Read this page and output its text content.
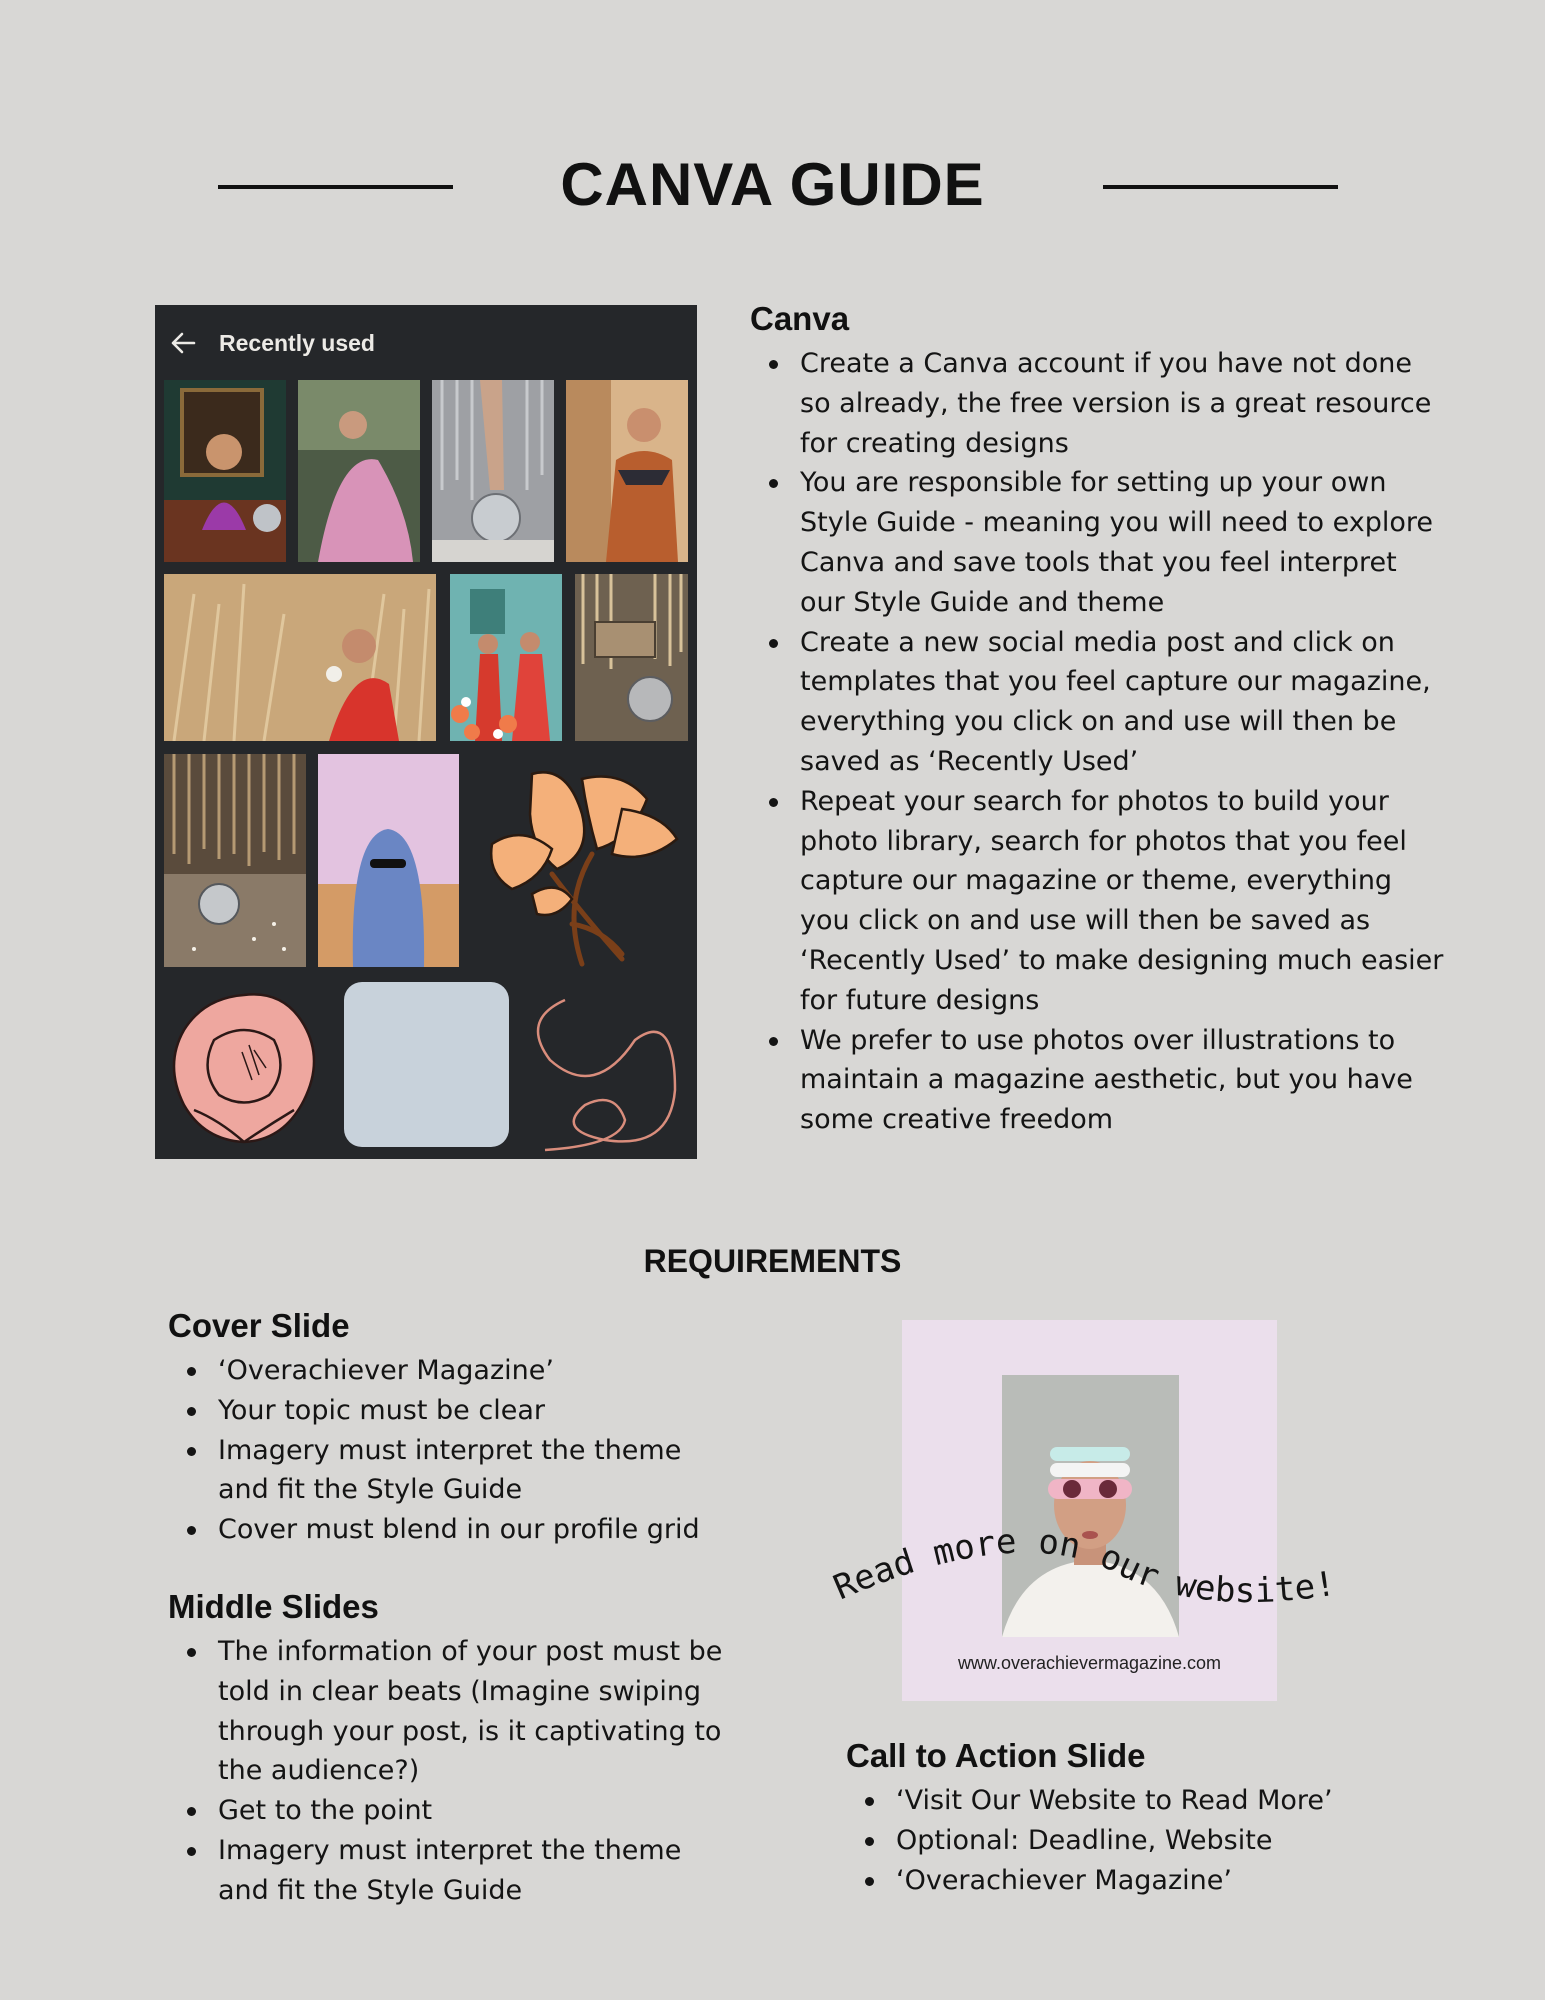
CANVA GUIDE
Recently used
Canva
Create a Canva account if you have not done so already, the free version is a great resource for creating designs
You are responsible for setting up your own Style Guide - meaning you will need to explore Canva and save tools that you feel interpret our Style Guide and theme
Create a new social media post and click on templates that you feel capture our magazine, everything you click on and use will then be saved as ‘Recently Used’
Repeat your search for photos to build your photo library, search for photos that you feel capture our magazine or theme, everything you click on and use will then be saved as ‘Recently Used’ to make designing much easier for future designs
We prefer to use photos over illustrations to maintain a magazine aesthetic, but you have some creative freedom
REQUIREMENTS
Cover Slide
‘Overachiever Magazine’
Your topic must be clear
Imagery must interpret the theme and fit the Style Guide
Cover must blend in our profile grid
Middle Slides
The information of your post must be told in clear beats (Imagine swiping through your post, is it captivating to the audience?)
Get to the point
Imagery must interpret the theme and fit the Style Guide
www.overachievermagazine.com
Read more on our website!
Call to Action Slide
‘Visit Our Website to Read More’
Optional: Deadline, Website
‘Overachiever Magazine’
